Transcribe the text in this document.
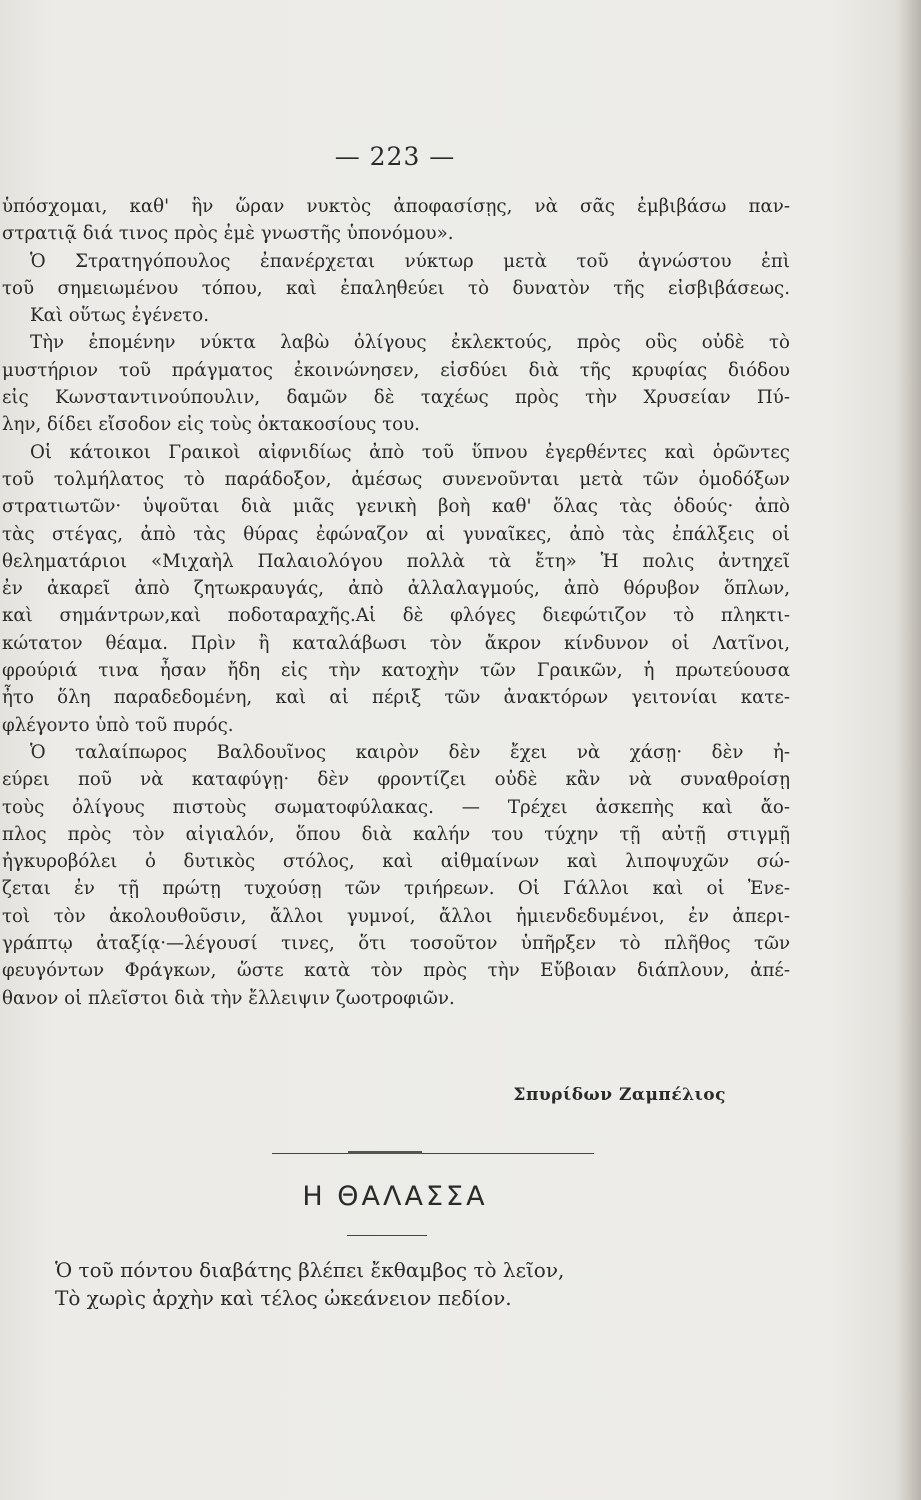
— 223 —
ὑπόσχομαι, καθ' ἣν ὥραν νυκτὸς ἀποφασίσῃς, νὰ σᾶς ἐμβιβάσω παν-
στρατιᾷ διά τινος πρὸς ἐμὲ γνωστῆς ὑπονόμου».
Ὁ Στρατηγόπουλος ἐπανέρχεται νύκτωρ μετὰ τοῦ ἀγνώστου ἐπὶ
τοῦ σημειωμένου τόπου, καὶ ἐπαληθεύει τὸ δυνατὸν τῆς εἰσβιβάσεως.
Καὶ οὕτως ἐγένετο.
Τὴν ἑπομένην νύκτα λαβὼ ὀλίγους ἐκλεκτούς, πρὸς οὓς οὐδὲ τὸ
μυστήριον τοῦ πράγματος ἐκοινώνησεν, εἰσδύει διὰ τῆς κρυφίας διόδου
εἰς Κωνσταντινούπουλιν, δαμῶν δὲ ταχέως πρὸς τὴν Χρυσείαν Πύ-
λην, δίδει εἴσοδον εἰς τοὺς ὀκτακοσίους του.
Οἱ κάτοικοι Γραικοὶ αἰφνιδίως ἀπὸ τοῦ ὕπνου ἐγερθέντες καὶ ὁρῶντες
τοῦ τολμήλατος τὸ παράδοξον, ἀμέσως συνενοῦνται μετὰ τῶν ὁμοδόξων
στρατιωτῶν· ὑψοῦται διὰ μιᾶς γενικὴ βοὴ καθ' ὅλας τὰς ὁδούς· ἀπὸ
τὰς στέγας, ἀπὸ τὰς θύρας ἐφώναζον αἱ γυναῖκες, ἀπὸ τὰς ἐπάλξεις οἱ
θεληματάριοι «Μιχαὴλ Παλαιολόγου πολλὰ τὰ ἔτη» Ἡ πολις ἀντηχεῖ
ἐν ἀκαρεῖ ἀπὸ ζητωκραυγάς, ἀπὸ ἀλλαλαγμούς, ἀπὸ θόρυβον ὅπλων,
καὶ σημάντρων,καὶ ποδοταραχῆς.Αἱ δὲ φλόγες διεφώτιζον τὸ πληκτι-
κώτατον θέαμα. Πρὶν ἢ καταλάβωσι τὸν ἄκρον κίνδυνον οἱ Λατῖνοι,
φρούριά τινα ἦσαν ἤδη εἰς τὴν κατοχὴν τῶν Γραικῶν, ἡ πρωτεύουσα
ἦτο ὅλη παραδεδομένη, καὶ αἱ πέριξ τῶν ἀνακτόρων γειτονίαι κατε-
φλέγοντο ὑπὸ τοῦ πυρός.
Ὁ ταλαίπωρος Βαλδουῖνος καιρὸν δὲν ἔχει νὰ χάσῃ· δὲν ἠ-
εύρει ποῦ νὰ καταφύγῃ· δὲν φροντίζει οὐδὲ κἂν νὰ συναθροίσῃ
τοὺς ὀλίγους πιστοὺς σωματοφύλακας. — Τρέχει ἀσκεπὴς καὶ ἄο-
πλος πρὸς τὸν αἰγιαλόν, ὅπου διὰ καλήν του τύχην τῇ αὐτῇ στιγμῇ
ἠγκυροβόλει ὁ δυτικὸς στόλος, καὶ αἰθμαίνων καὶ λιποψυχῶν σώ-
ζεται ἐν τῇ πρώτῃ τυχούσῃ τῶν τριήρεων. Οἱ Γάλλοι καὶ οἱ Ἐνε-
τοὶ τὸν ἀκολουθοῦσιν, ἄλλοι γυμνοί, ἄλλοι ἡμιενδεδυμένοι, ἐν ἀπερι-
γράπτῳ ἀταξίᾳ·—λέγουσί τινες, ὅτι τοσοῦτον ὑπῆρξεν τὸ πλῆθος τῶν
φευγόντων Φράγκων, ὥστε κατὰ τὸν πρὸς τὴν Εὔβοιαν διάπλουν, ἀπέ-
θανον οἱ πλεῖστοι διὰ τὴν ἔλλειψιν ζωοτροφιῶν.
Σπυρίδων Ζαμπέλιος
Η ΘΑΛΑΣΣΑ
Ὁ τοῦ πόντου διαβάτης βλέπει ἔκθαμβος τὸ λεῖον,
Τὸ χωρὶς ἀρχὴν καὶ τέλος ὠκεάνειον πεδίον.
